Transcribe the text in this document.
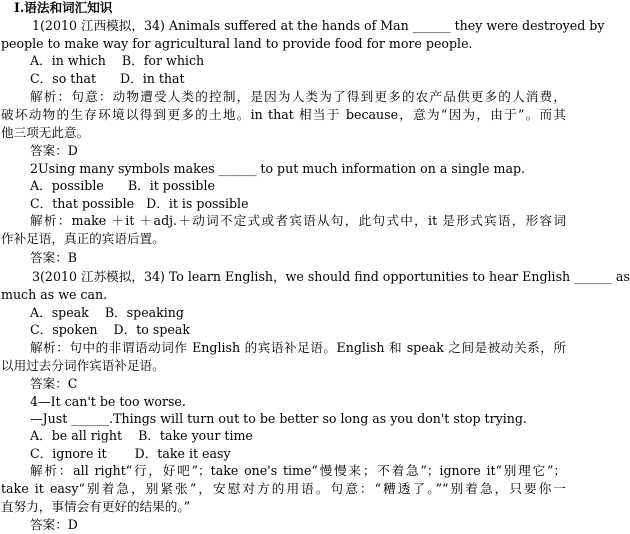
Ⅰ.语法和词汇知识
1(2010 江西模拟，34) Animals suffered at the hands of Man ______ they were destroyed by
people to make way for agricultural land to provide food for more people.
A．in which    B．for which
C．so that      D．in that
解析：句意：动物遭受人类的控制，是因为人类为了得到更多的农产品供更多的人消费，
破坏动物的生存环境以得到更多的土地。in that 相当于 because，意为“因为，由于”。而其
他三项无此意。
答案：D
2Using many symbols makes ______ to put much information on a single map.
A．possible      B．it possible
C．that possible   D．it is possible
解析：make ＋it ＋adj.＋动词不定式或者宾语从句，此句式中，it 是形式宾语，形容词
作补足语，真正的宾语后置。
答案：B
3(2010 江苏模拟，34) To learn English，we should find opportunities to hear English ______ as
much as we can.
A．speak    B．speaking
C．spoken    D．to speak
解析：句中的非谓语动词作 English 的宾语补足语。English 和 speak 之间是被动关系，所
以用过去分词作宾语补足语。
答案：C
4—It can't be too worse.
—Just ______.Things will turn out to be better so long as you don't stop trying.
A．be all right    B．take your time
C．ignore it       D．take it easy
解析：all right“行，好吧”；take one's time“慢慢来；不着急”；ignore it“别理它”；
take it easy“别着急，别紧张”，安慰对方的用语。句意：“糟透了。”“别着急，只要你一
直努力，事情会有更好的结果的。”
答案：D
